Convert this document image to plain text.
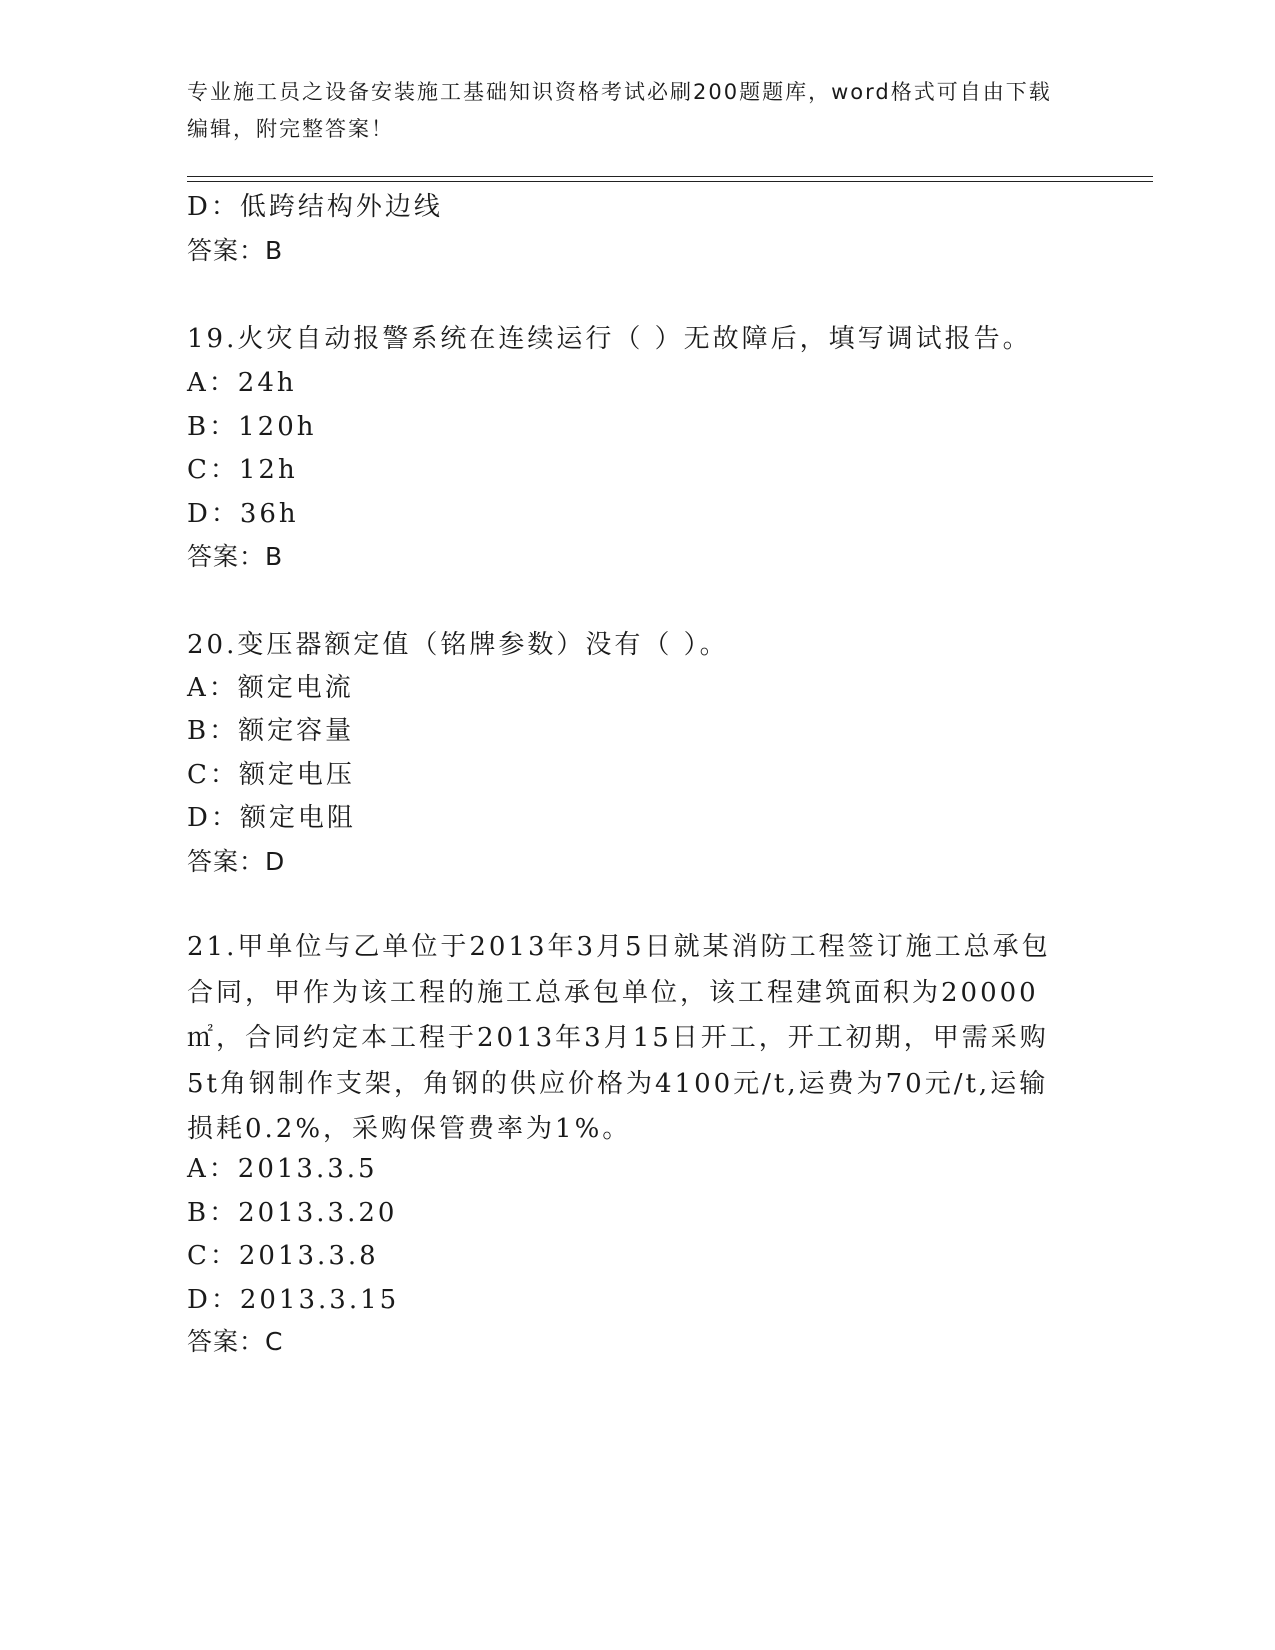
专业施工员之设备安装施工基础知识资格考试必刷200题题库，word格式可自由下载编辑，附完整答案！
D：低跨结构外边线
答案：B
19.火灾自动报警系统在连续运行（ ）无故障后，填写调试报告。
A：24h
B：120h
C：12h
D：36h
答案：B
20.变压器额定值（铭牌参数）没有（ ）。
A：额定电流
B：额定容量
C：额定电压
D：额定电阻
答案：D
21.甲单位与乙单位于2013年3月5日就某消防工程签订施工总承包合同，甲作为该工程的施工总承包单位，该工程建筑面积为20000㎡，合同约定本工程于2013年3月15日开工，开工初期，甲需采购5t角钢制作支架，角钢的供应价格为4100元/t,运费为70元/t,运输损耗0.2%，采购保管费率为1%。
A：2013.3.5
B：2013.3.20
C：2013.3.8
D：2013.3.15
答案：C
